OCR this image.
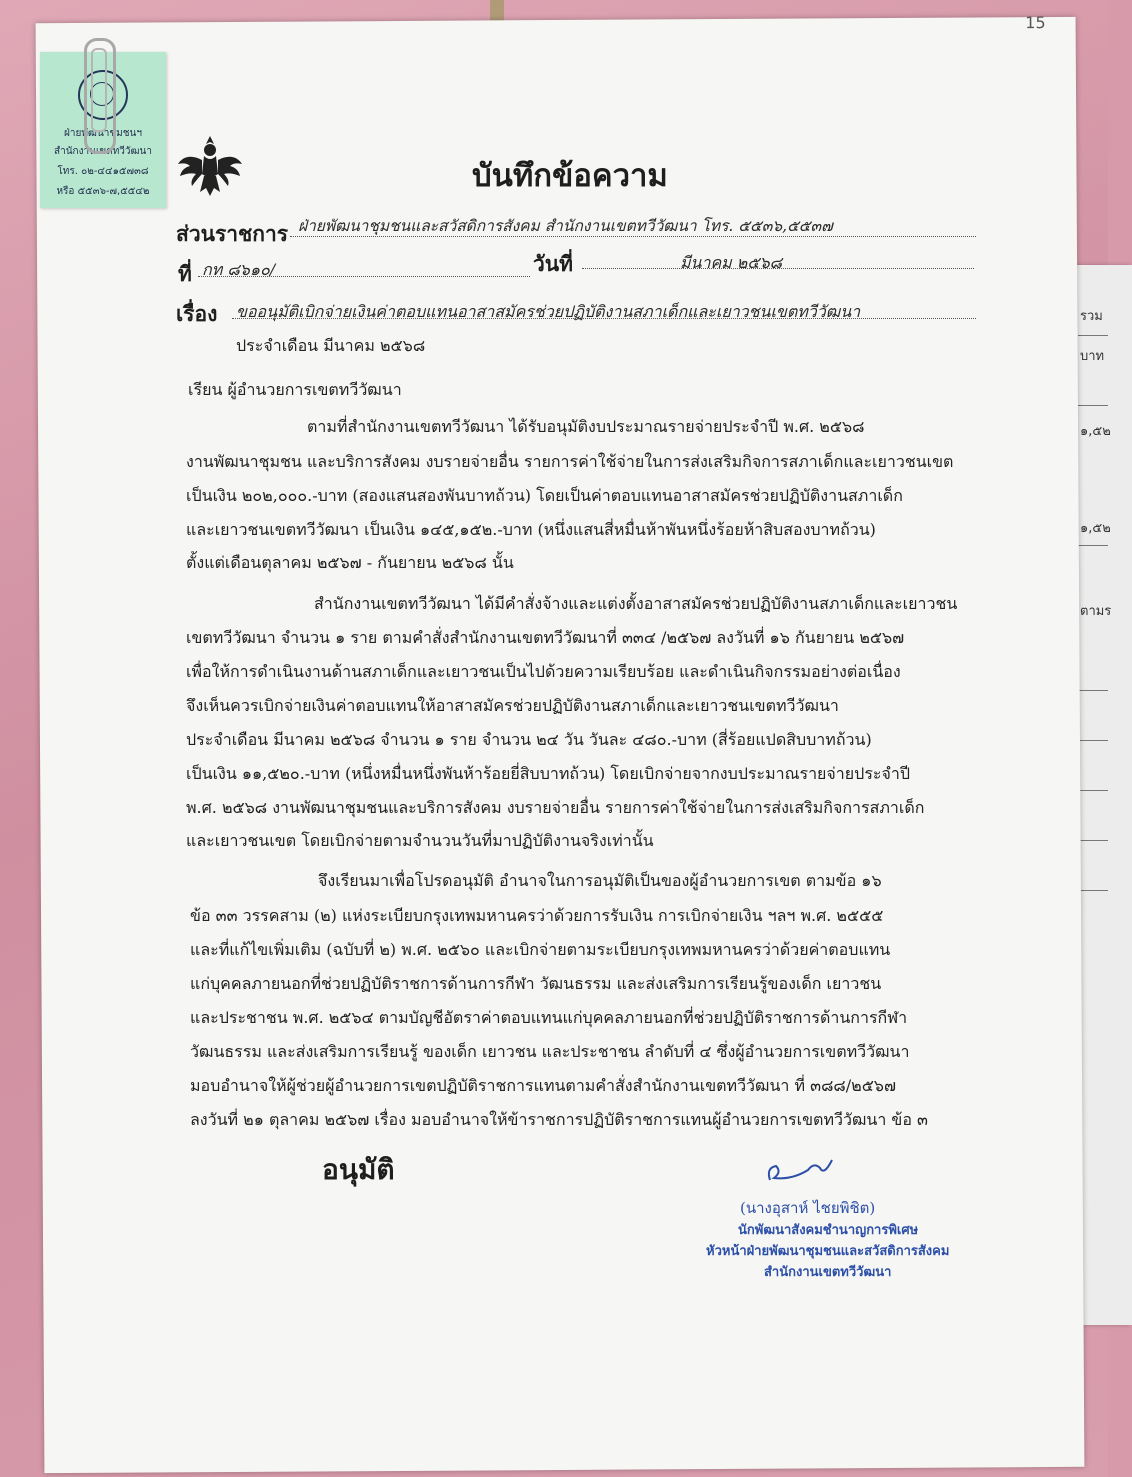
รวม
บาท
๑,๕๒
๑,๕๒
ตามร
15
ฝ่ายพัฒนาชุมชนฯ
สำนักงานเขตทวีวัฒนา
โทร. ๐๒-๔๔๑๕๗๓๘
หรือ ๕๕๓๖-๗,๕๕๔๒	บันทึกข้อความ
ส่วนราชการ ฝ่ายพัฒนาชุมชนและสวัสดิการสังคม สำนักงานเขตทวีวัฒนา โทร. ๕๕๓๖,๕๕๓๗
ที่ กท ๘๖๑๐/	วันที่	มีนาคม ๒๕๖๘
เรื่อง ขออนุมัติเบิกจ่ายเงินค่าตอบแทนอาสาสมัครช่วยปฏิบัติงานสภาเด็กและเยาวชนเขตทวีวัฒนา
ประจำเดือน มีนาคม ๒๕๖๘
เรียน ผู้อำนวยการเขตทวีวัฒนา
ตามที่สำนักงานเขตทวีวัฒนา ได้รับอนุมัติงบประมาณรายจ่ายประจำปี พ.ศ. ๒๕๖๘
งานพัฒนาชุมชน และบริการสังคม งบรายจ่ายอื่น รายการค่าใช้จ่ายในการส่งเสริมกิจการสภาเด็กและเยาวชนเขต
เป็นเงิน ๒๐๒,๐๐๐.-บาท (สองแสนสองพันบาทถ้วน) โดยเป็นค่าตอบแทนอาสาสมัครช่วยปฏิบัติงานสภาเด็ก
และเยาวชนเขตทวีวัฒนา เป็นเงิน ๑๔๕,๑๕๒.-บาท (หนึ่งแสนสี่หมื่นห้าพันหนึ่งร้อยห้าสิบสองบาทถ้วน)
ตั้งแต่เดือนตุลาคม ๒๕๖๗ - กันยายน ๒๕๖๘ นั้น
สำนักงานเขตทวีวัฒนา ได้มีคำสั่งจ้างและแต่งตั้งอาสาสมัครช่วยปฏิบัติงานสภาเด็กและเยาวชน
เขตทวีวัฒนา จำนวน ๑ ราย ตามคำสั่งสำนักงานเขตทวีวัฒนาที่ ๓๓๔ /๒๕๖๗ ลงวันที่ ๑๖ กันยายน ๒๕๖๗
เพื่อให้การดำเนินงานด้านสภาเด็กและเยาวชนเป็นไปด้วยความเรียบร้อย และดำเนินกิจกรรมอย่างต่อเนื่อง
จึงเห็นควรเบิกจ่ายเงินค่าตอบแทนให้อาสาสมัครช่วยปฏิบัติงานสภาเด็กและเยาวชนเขตทวีวัฒนา
ประจำเดือน มีนาคม ๒๕๖๘ จำนวน ๑ ราย จำนวน ๒๔ วัน วันละ ๔๘๐.-บาท (สี่ร้อยแปดสิบบาทถ้วน)
เป็นเงิน ๑๑,๕๒๐.-บาท (หนึ่งหมื่นหนึ่งพันห้าร้อยยี่สิบบาทถ้วน) โดยเบิกจ่ายจากงบประมาณรายจ่ายประจำปี
พ.ศ. ๒๕๖๘ งานพัฒนาชุมชนและบริการสังคม งบรายจ่ายอื่น รายการค่าใช้จ่ายในการส่งเสริมกิจการสภาเด็ก
และเยาวชนเขต โดยเบิกจ่ายตามจำนวนวันที่มาปฏิบัติงานจริงเท่านั้น
จึงเรียนมาเพื่อโปรดอนุมัติ อำนาจในการอนุมัติเป็นของผู้อำนวยการเขต ตามข้อ ๑๖
ข้อ ๓๓ วรรคสาม (๒) แห่งระเบียบกรุงเทพมหานครว่าด้วยการรับเงิน การเบิกจ่ายเงิน ฯลฯ พ.ศ. ๒๕๕๕
และที่แก้ไขเพิ่มเติม (ฉบับที่ ๒) พ.ศ. ๒๕๖๐ และเบิกจ่ายตามระเบียบกรุงเทพมหานครว่าด้วยค่าตอบแทน
แก่บุคคลภายนอกที่ช่วยปฏิบัติราชการด้านการกีฬา วัฒนธรรม และส่งเสริมการเรียนรู้ของเด็ก เยาวชน
และประชาชน พ.ศ. ๒๕๖๔ ตามบัญชีอัตราค่าตอบแทนแก่บุคคลภายนอกที่ช่วยปฏิบัติราชการด้านการกีฬา
วัฒนธรรม และส่งเสริมการเรียนรู้ ของเด็ก เยาวชน และประชาชน ลำดับที่ ๔ ซึ่งผู้อำนวยการเขตทวีวัฒนา
มอบอำนาจให้ผู้ช่วยผู้อำนวยการเขตปฏิบัติราชการแทนตามคำสั่งสำนักงานเขตทวีวัฒนา ที่ ๓๘๘/๒๕๖๗
ลงวันที่ ๒๑ ตุลาคม ๒๕๖๗ เรื่อง มอบอำนาจให้ข้าราชการปฏิบัติราชการแทนผู้อำนวยการเขตทวีวัฒนา ข้อ ๓
อนุมัติ
(นางอุสาห์ ไชยพิชิต)
นักพัฒนาสังคมชำนาญการพิเศษ
หัวหน้าฝ่ายพัฒนาชุมชนและสวัสดิการสังคม
สำนักงานเขตทวีวัฒนา
